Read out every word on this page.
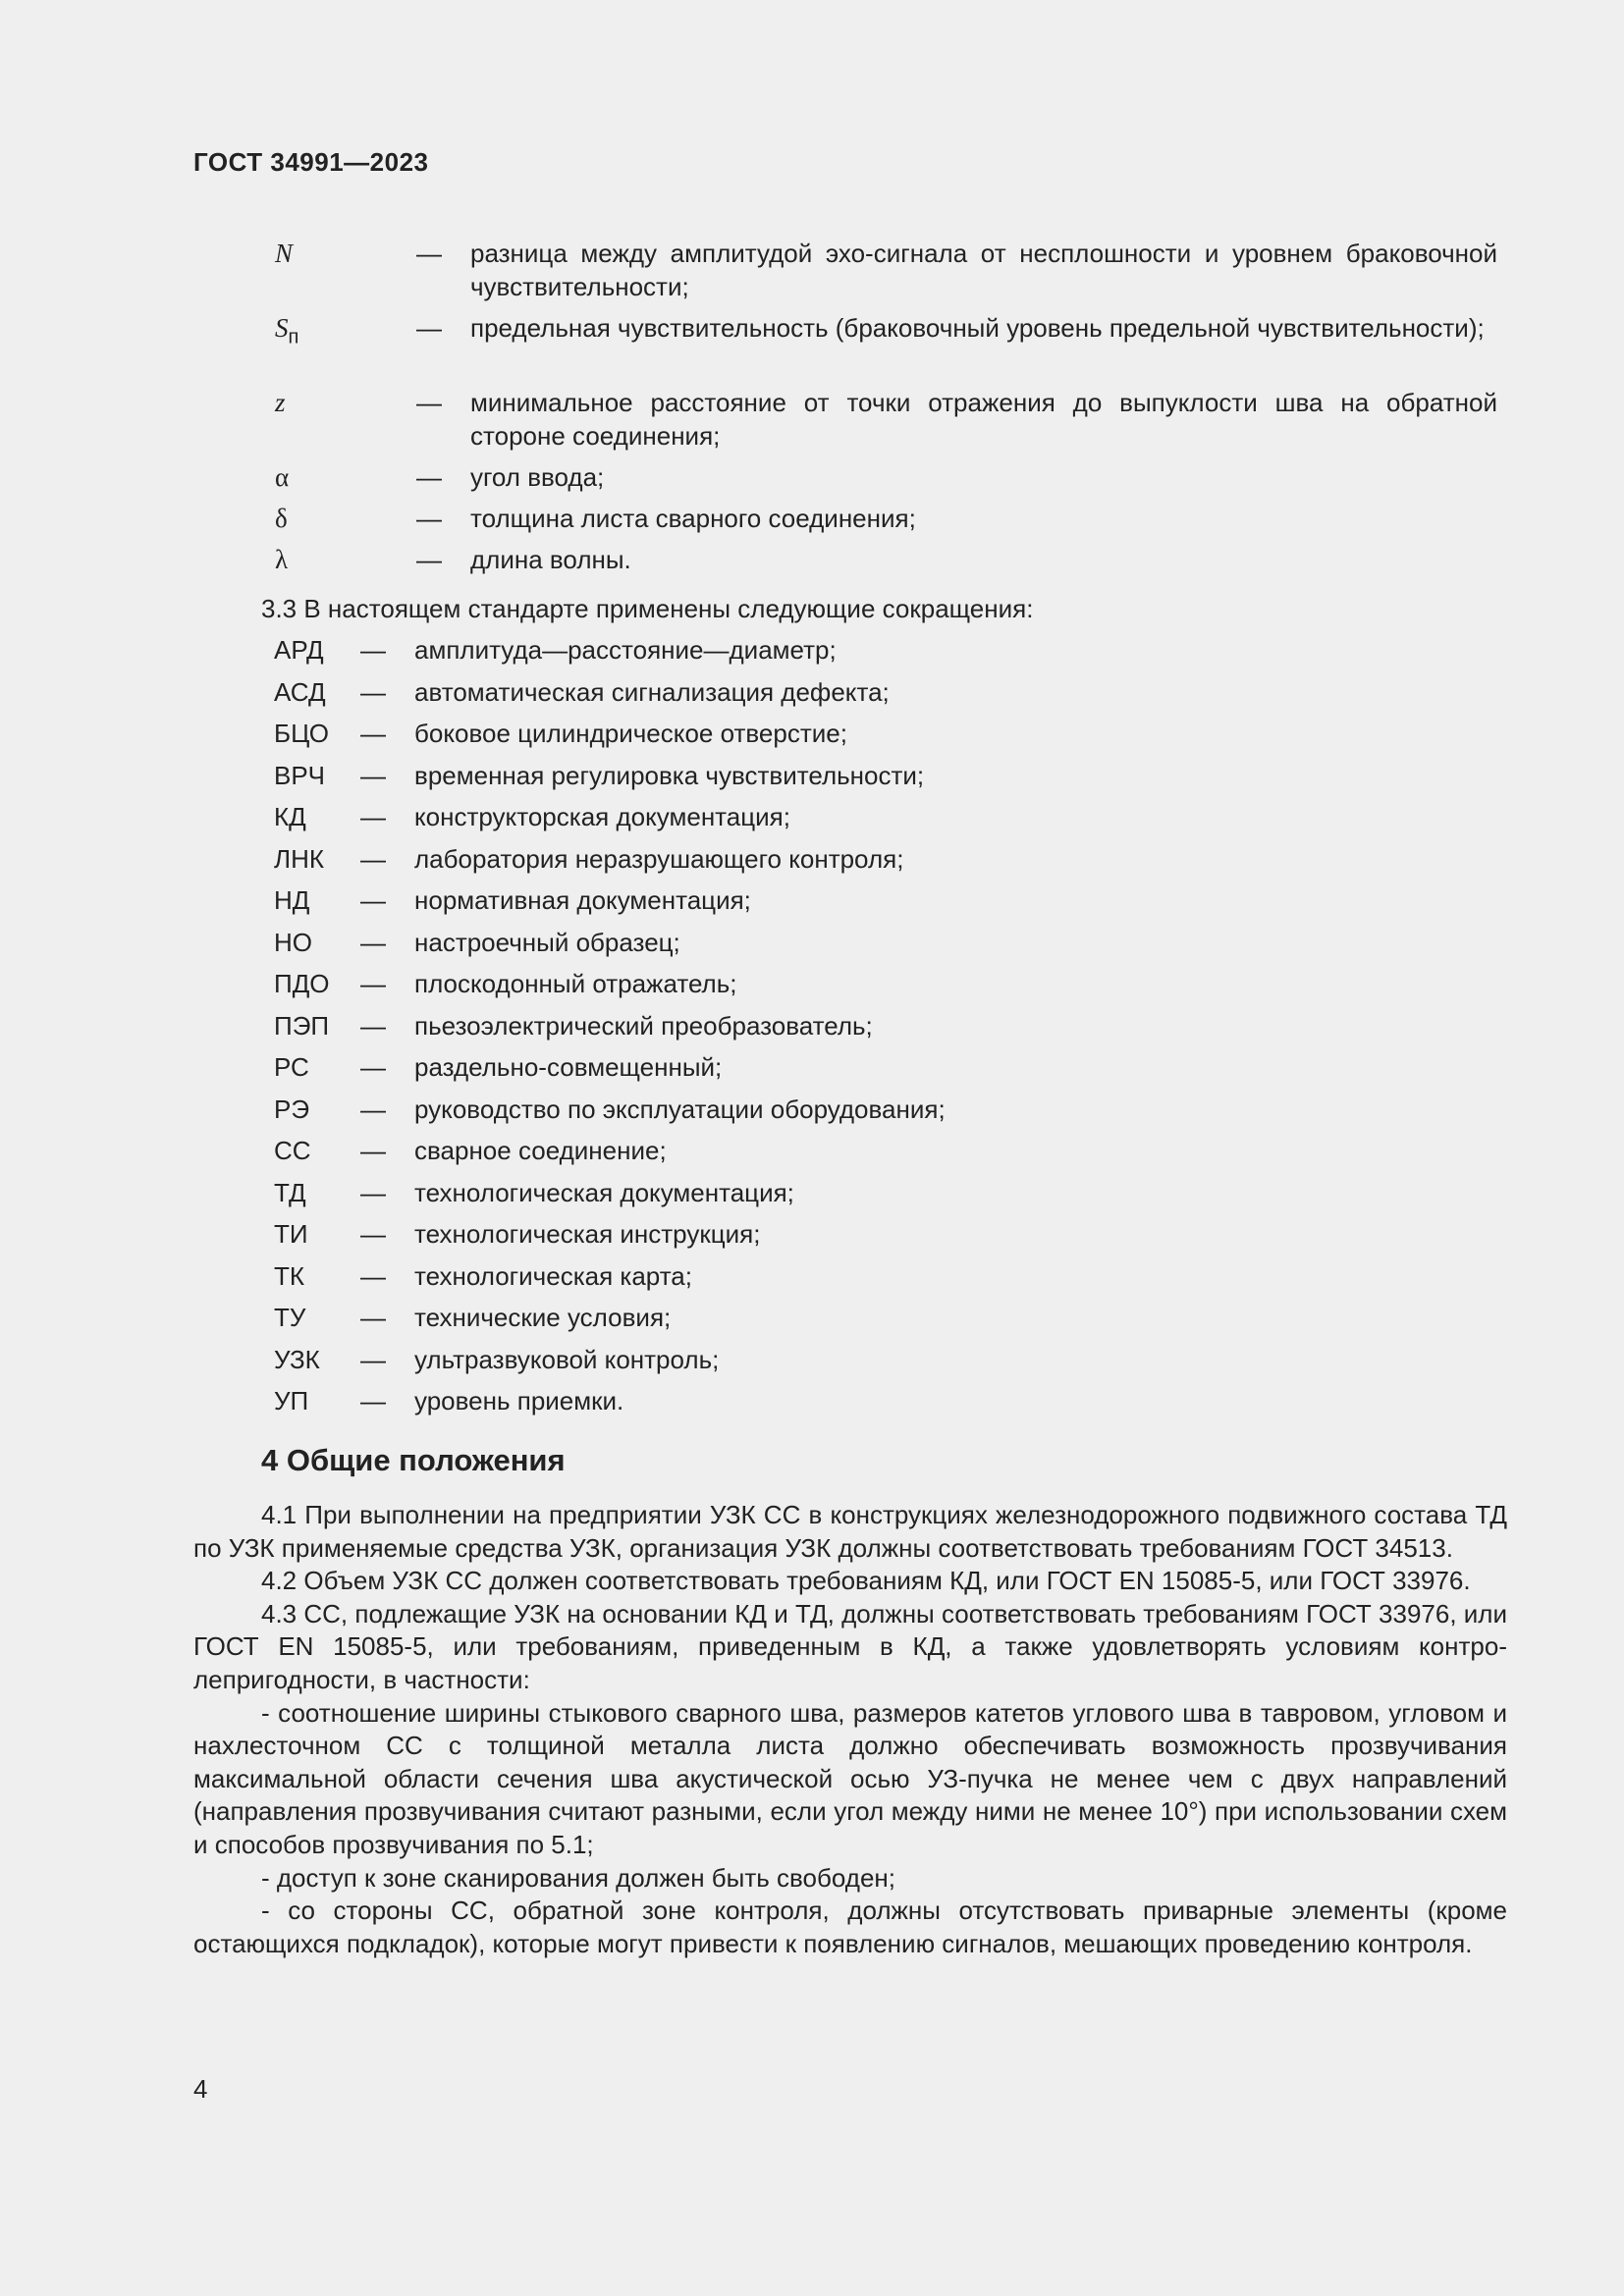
ГОСТ 34991—2023
N	— разница между амплитудой эхо-сигнала от несплошности и уровнем браковочной чувствительности;
$S_п$	— предельная чувствительность (браковочный уровень предельной чувствительности);
z	— минимальное расстояние от точки отражения до выпуклости шва на обратной стороне соединения;
α	— угол ввода;
δ	— толщина листа сварного соединения;
λ	— длина волны.
3.3 В настоящем стандарте применены следующие сокращения:
АРД — амплитуда—расстояние—диаметр;
АСД — автоматическая сигнализация дефекта;
БЦО — боковое цилиндрическое отверстие;
ВРЧ — временная регулировка чувствительности;
КД — конструкторская документация;
ЛНК — лаборатория неразрушающего контроля;
НД — нормативная документация;
НО — настроечный образец;
ПДО — плоскодонный отражатель;
ПЭП — пьезоэлектрический преобразователь;
РС — раздельно-совмещенный;
РЭ — руководство по эксплуатации оборудования;
СС — сварное соединение;
ТД — технологическая документация;
ТИ — технологическая инструкция;
ТК — технологическая карта;
ТУ — технические условия;
УЗК — ультразвуковой контроль;
УП — уровень приемки.
4 Общие положения

4.1 При выполнении на предприятии УЗК СС в конструкциях железнодорожного подвижного состава ТД по УЗК применяемые средства УЗК, организация УЗК должны соответствовать требованиям ГОСТ 34513.

4.2 Объем УЗК СС должен соответствовать требованиям КД, или ГОСТ EN 15085-5, или ГОСТ 33976.

4.3 СС, подлежащие УЗК на основании КД и ТД, должны соответствовать требованиям ГОСТ 33976, или ГОСТ EN 15085-5, или требованиям, приведенным в КД, а также удовлетворять условиям контролепригодности, в частности:

- соотношение ширины стыкового сварного шва, размеров катетов углового шва в тавровом, угловом и нахлесточном СС с толщиной металла листа должно обеспечивать возможность прозвучивания максимальной области сечения шва акустической осью УЗ-пучка не менее чем с двух направлений (направления прозвучивания считают разными, если угол между ними не менее 10°) при использовании схем и способов прозвучивания по 5.1;

- доступ к зоне сканирования должен быть свободен;

- со стороны СС, обратной зоне контроля, должны отсутствовать приварные элементы (кроме остающихся подкладок), которые могут привести к появлению сигналов, мешающих проведению контроля.

4
